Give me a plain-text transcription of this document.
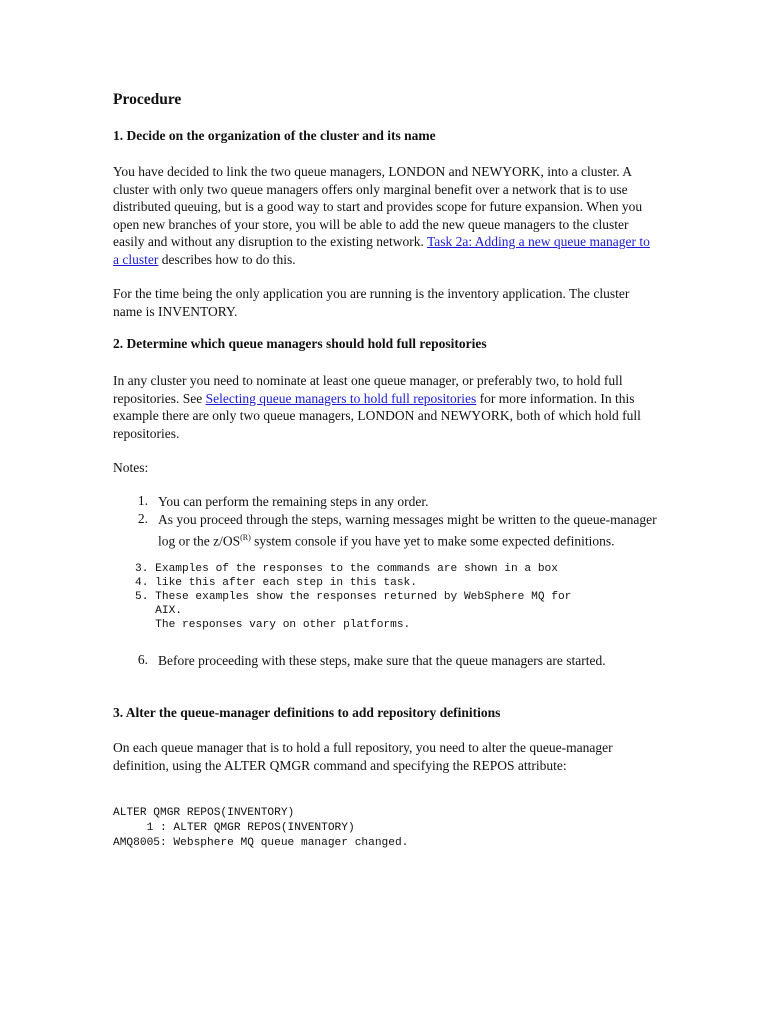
Procedure
1. Decide on the organization of the cluster and its name

You have decided to link the two queue managers, LONDON and NEWYORK, into a cluster. A cluster with only two queue managers offers only marginal benefit over a network that is to use distributed queuing, but is a good way to start and provides scope for future expansion. When you open new branches of your store, you will be able to add the new queue managers to the cluster easily and without any disruption to the existing network. Task 2a: Adding a new queue manager to a cluster describes how to do this.

For the time being the only application you are running is the inventory application. The cluster name is INVENTORY.

2. Determine which queue managers should hold full repositories

In any cluster you need to nominate at least one queue manager, or preferably two, to hold full repositories. See Selecting queue managers to hold full repositories for more information. In this example there are only two queue managers, LONDON and NEWYORK, both of which hold full repositories.

Notes:

1. You can perform the remaining steps in any order.
2. As you proceed through the steps, warning messages might be written to the queue-manager log or the $z/OS^{(R)}$ system console if you have yet to make some expected definitions.
3. Examples of the responses to the commands are shown in a box
4. like this after each step in this task.
5. These examples show the responses returned by WebSphere MQ for
AIX.
The responses vary on other platforms.
6. Before proceeding with these steps, make sure that the queue managers are started.
3. Alter the queue-manager definitions to add repository definitions

On each queue manager that is to hold a full repository, you need to alter the queue-manager definition, using the ALTER QMGR command and specifying the REPOS attribute:

ALTER QMGR REPOS(INVENTORY)
1 : ALTER QMGR REPOS(INVENTORY)
AMQ8005: Websphere MQ queue manager changed.
